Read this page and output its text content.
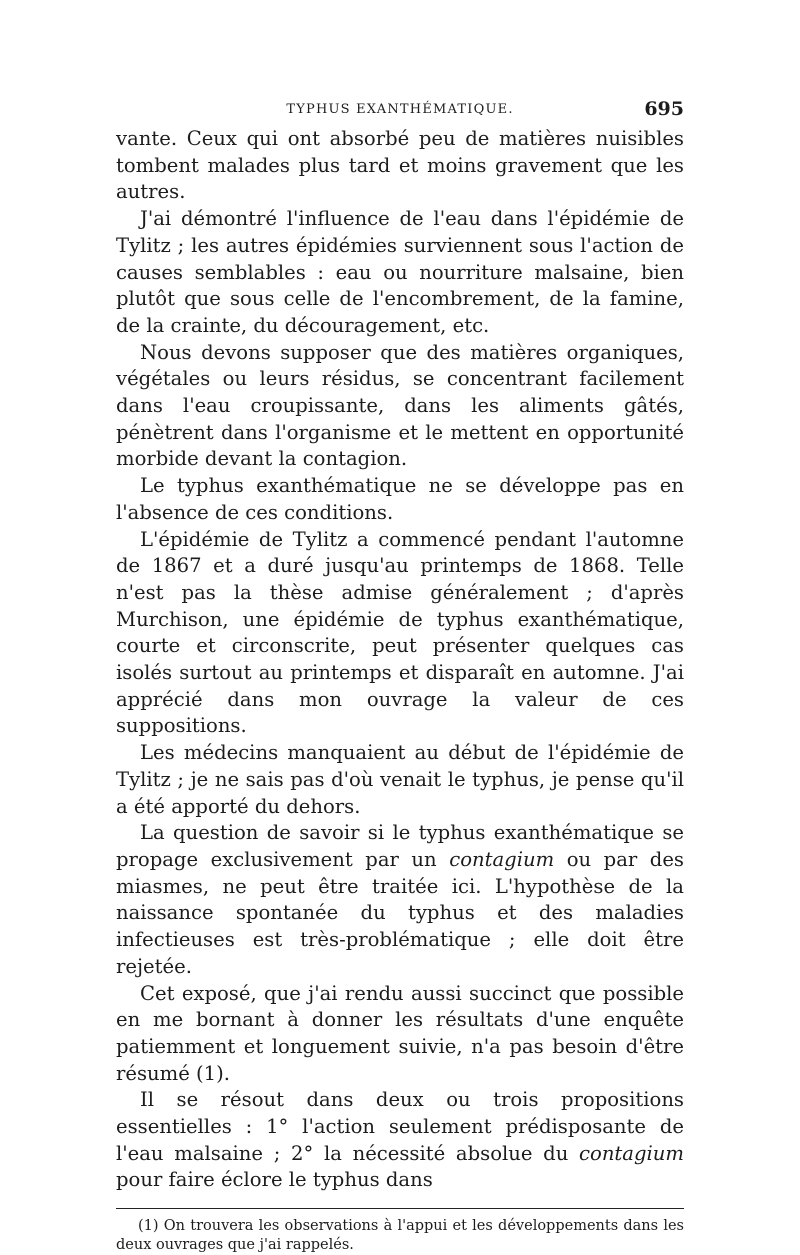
TYPHUS EXANTHÉMATIQUE.	695

vante. Ceux qui ont absorbé peu de matières nuisibles tombent malades plus tard et moins gravement que les autres.

J'ai démontré l'influence de l'eau dans l'épidémie de Tylitz ; les autres épidémies surviennent sous l'action de causes semblables : eau ou nourriture malsaine, bien plutôt que sous celle de l'encombrement, de la famine, de la crainte, du découragement, etc.

Nous devons supposer que des matières organiques, végétales ou leurs résidus, se concentrant facilement dans l'eau croupissante, dans les aliments gâtés, pénètrent dans l'organisme et le mettent en opportunité morbide devant la contagion.

Le typhus exanthématique ne se développe pas en l'absence de ces conditions.

L'épidémie de Tylitz a commencé pendant l'automne de 1867 et a duré jusqu'au printemps de 1868. Telle n'est pas la thèse admise généralement ; d'après Murchison, une épidémie de typhus exanthématique, courte et circonscrite, peut présenter quelques cas isolés surtout au printemps et disparaît en automne. J'ai apprécié dans mon ouvrage la valeur de ces suppositions.

Les médecins manquaient au début de l'épidémie de Tylitz ; je ne sais pas d'où venait le typhus, je pense qu'il a été apporté du dehors.

La question de savoir si le typhus exanthématique se propage exclusivement par un contagium ou par des miasmes, ne peut être traitée ici. L'hypothèse de la naissance spontanée du typhus et des maladies infectieuses est très-problématique ; elle doit être rejetée.

Cet exposé, que j'ai rendu aussi succinct que possible en me bornant à donner les résultats d'une enquête patiemment et longuement suivie, n'a pas besoin d'être résumé (1).

Il se résout dans deux ou trois propositions essentielles : 1° l'action seulement prédisposante de l'eau malsaine ; 2° la nécessité absolue du contagium pour faire éclore le typhus dans

(1) On trouvera les observations à l'appui et les développements dans les deux ouvrages que j'ai rappelés.
